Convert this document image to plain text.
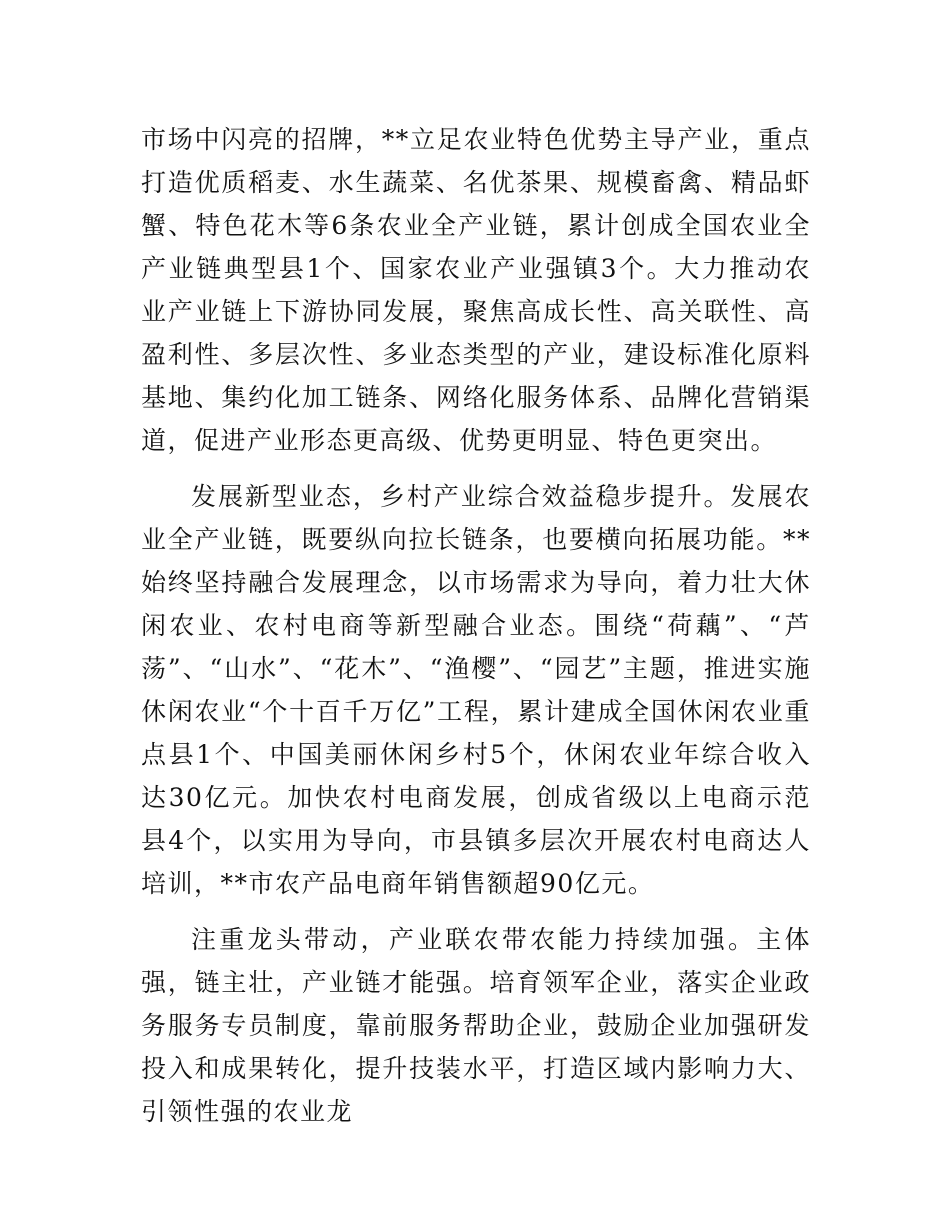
市场中闪亮的招牌，**立足农业特色优势主导产业，重点打造优质稻麦、水生蔬菜、名优茶果、规模畜禽、精品虾蟹、特色花木等6条农业全产业链，累计创成全国农业全产业链典型县1个、国家农业产业强镇3个。大力推动农业产业链上下游协同发展，聚焦高成长性、高关联性、高盈利性、多层次性、多业态类型的产业，建设标准化原料基地、集约化加工链条、网络化服务体系、品牌化营销渠道，促进产业形态更高级、优势更明显、特色更突出。

发展新型业态，乡村产业综合效益稳步提升。发展农业全产业链，既要纵向拉长链条，也要横向拓展功能。**始终坚持融合发展理念，以市场需求为导向，着力壮大休闲农业、农村电商等新型融合业态。围绕“荷藕”、“芦荡”、“山水”、“花木”、“渔樱”、“园艺”主题，推进实施休闲农业“个十百千万亿”工程，累计建成全国休闲农业重点县1个、中国美丽休闲乡村5个，休闲农业年综合收入达30亿元。加快农村电商发展，创成省级以上电商示范县4个，以实用为导向，市县镇多层次开展农村电商达人培训，**市农产品电商年销售额超90亿元。

注重龙头带动，产业联农带农能力持续加强。主体强，链主壮，产业链才能强。培育领军企业，落实企业政务服务专员制度，靠前服务帮助企业，鼓励企业加强研发投入和成果转化，提升技装水平，打造区域内影响力大、引领性强的农业龙
